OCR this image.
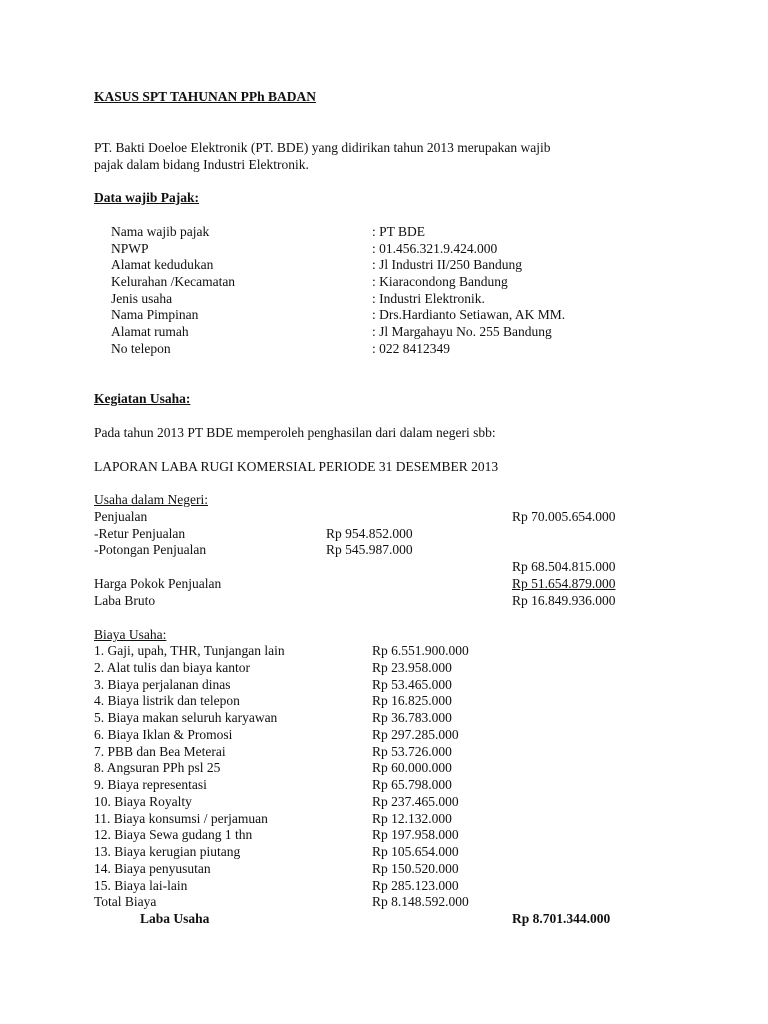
KASUS SPT TAHUNAN PPh BADAN
PT. Bakti Doeloe Elektronik (PT. BDE) yang didirikan tahun 2013 merupakan wajib
pajak dalam bidang Industri Elektronik.
Data wajib Pajak:
Nama wajib pajak	: PT BDE
NPWP	: 01.456.321.9.424.000
Alamat kedudukan	: Jl Industri II/250 Bandung
Kelurahan /Kecamatan	: Kiaracondong Bandung
Jenis usaha	: Industri Elektronik.
Nama Pimpinan	: Drs.Hardianto Setiawan, AK MM.
Alamat rumah	: Jl Margahayu No. 255 Bandung
No telepon	: 022 8412349
Kegiatan Usaha:
Pada tahun 2013 PT BDE memperoleh penghasilan dari dalam negeri sbb:
LAPORAN LABA RUGI KOMERSIAL PERIODE 31 DESEMBER 2013
Usaha dalam Negeri:
Penjualan	Rp 70.005.654.000
-Retur Penjualan	Rp 954.852.000
-Potongan Penjualan	Rp 545.987.000
Rp 68.504.815.000
Harga Pokok Penjualan	Rp 51.654.879.000
Laba Bruto	Rp 16.849.936.000
Biaya Usaha:
1. Gaji, upah, THR, Tunjangan lain	Rp 6.551.900.000
2. Alat tulis dan biaya kantor	Rp 23.958.000
3. Biaya perjalanan dinas	Rp 53.465.000
4. Biaya listrik dan telepon	Rp 16.825.000
5. Biaya makan seluruh karyawan	Rp 36.783.000
6. Biaya Iklan & Promosi	Rp 297.285.000
7. PBB dan Bea Meterai	Rp 53.726.000
8. Angsuran PPh psl 25	Rp 60.000.000
9. Biaya representasi	Rp 65.798.000
10. Biaya Royalty	Rp 237.465.000
11. Biaya konsumsi / perjamuan	Rp 12.132.000
12. Biaya Sewa gudang 1 thn	Rp 197.958.000
13. Biaya kerugian piutang	Rp 105.654.000
14. Biaya penyusutan	Rp 150.520.000
15. Biaya lai-lain	Rp 285.123.000
Total Biaya	Rp 8.148.592.000
Laba Usaha	Rp 8.701.344.000
